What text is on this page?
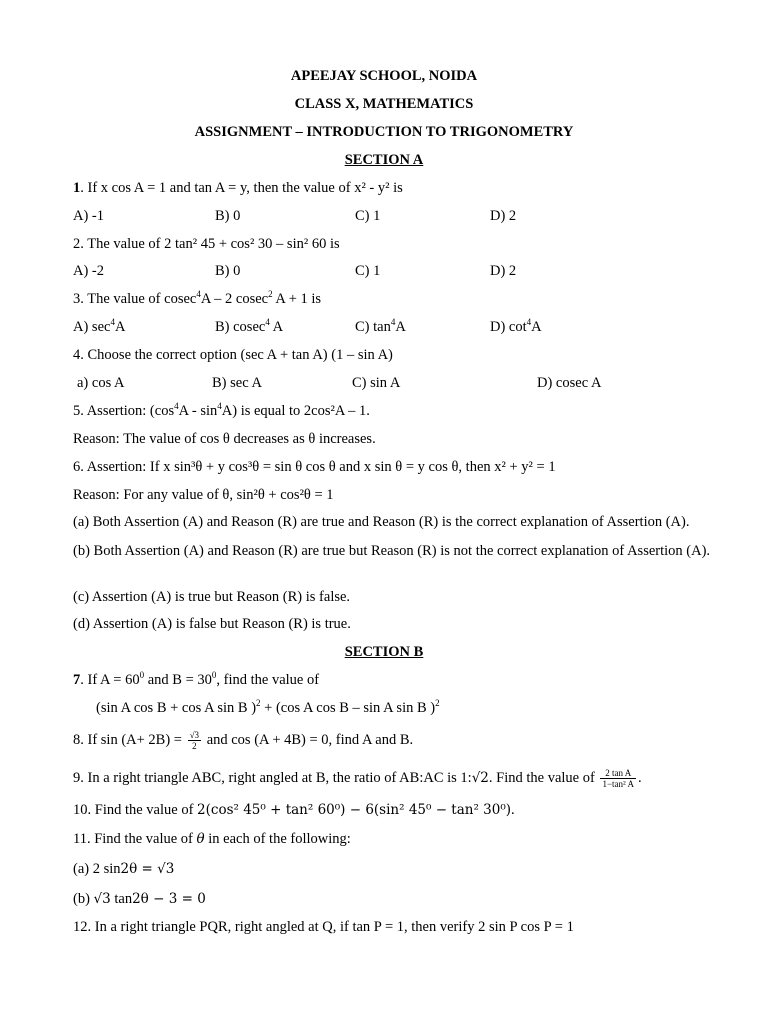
APEEJAY SCHOOL, NOIDA
CLASS X, MATHEMATICS
ASSIGNMENT – INTRODUCTION TO TRIGONOMETRY
SECTION A
1. If x cos A = 1 and tan A = y, then the value of x² - y² is
A) -1	B) 0	C) 1	D) 2
2. The value of 2 tan² 45 + cos² 30 – sin² 60 is
A) -2	B) 0	C) 1	D) 2
3. The value of cosec$^4$A – 2 cosec$^2$ A + 1 is
A) $\sec^4A$	B) cosec$^4$ A	C) $\tan^4A$	D) $\cot^4A$
4. Choose the correct option (sec A + tan A) (1 – sin A)
a) cos A	B) sec A	C) sin A	D) cosec A
5. Assertion: $(\cos^4A - \sin^4A)$ is equal to 2cos²A – 1.
Reason: The value of cos θ decreases as θ increases.
6. Assertion: If x sin³θ + y cos³θ = sin θ cos θ and x sin θ = y cos θ, then x² + y² = 1
Reason: For any value of θ, sin²θ + cos²θ = 1
(a) Both Assertion (A) and Reason (R) are true and Reason (R) is the correct explanation of Assertion (A).
(b) Both Assertion (A) and Reason (R) are true but Reason (R) is not the correct explanation of Assertion (A).
(c) Assertion (A) is true but Reason (R) is false.
(d) Assertion (A) is false but Reason (R) is true.
SECTION B
7. If $A = 60^0$ and $B = 30^0$, find the value of
(sin A cos B + cos A sin B )$^2$ + (cos A cos B – sin A sin B )$^2$
8. If $\sin (A+ 2B) = \frac{√3}{2}$ and cos (A + 4B) = 0, find A and B.
9. In a right triangle ABC, right angled at B, the ratio of AB:AC is 1:√2. Find the value of $\frac{\text{2 tan A}}{\text{1−tan² A}}$ .
10. Find the value of 2(cos² 45⁰ + tan² 60⁰) − 6(sin² 45⁰ − tan² 30⁰).
11. Find the value of θ in each of the following:
(a) 2 sin2θ = √3
(b) √3 tan2θ − 3 = 0
12. In a right triangle PQR, right angled at Q, if tan P = 1, then verify 2 sin P cos P = 1
